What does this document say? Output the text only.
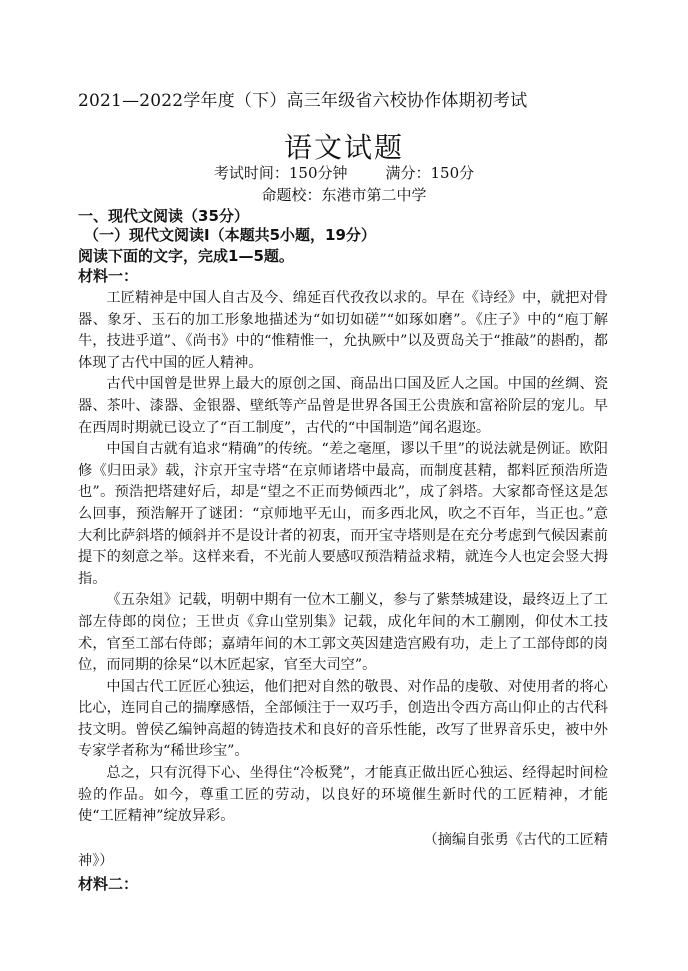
2021—2022学年度（下）高三年级省六校协作体期初考试
语文试题
考试时间：150分钟	满分：150分
命题校：东港市第二中学
一、现代文阅读（35分）
（一）现代文阅读Ⅰ（本题共5小题，19分）
阅读下面的文字，完成1—5题。
材料一：

工匠精神是中国人自古及今、绵延百代孜孜以求的。早在《诗经》中，就把对骨器、象牙、玉石的加工形象地描述为“如切如磋”“如琢如磨”。《庄子》中的“庖丁解牛，技进乎道”、《尚书》中的“惟精惟一，允执厥中”以及贾岛关于“推敲”的斟酌，都体现了古代中国的匠人精神。

古代中国曾是世界上最大的原创之国、商品出口国及匠人之国。中国的丝绸、瓷器、茶叶、漆器、金银器、壁纸等产品曾是世界各国王公贵族和富裕阶层的宠儿。早在西周时期就已设立了“百工制度”，古代的“中国制造”闻名遐迩。

中国自古就有追求“精确”的传统。“差之毫厘，谬以千里”的说法就是例证。欧阳修《归田录》载，汴京开宝寺塔“在京师诸塔中最高，而制度甚精，都料匠预浩所造也”。预浩把塔建好后，却是“望之不正而势倾西北”，成了斜塔。大家都奇怪这是怎么回事，预浩解开了谜团：“京师地平无山，而多西北风，吹之不百年，当正也。”意大利比萨斜塔的倾斜并不是设计者的初衷，而开宝寺塔则是在充分考虑到气候因素前提下的刻意之举。这样来看，不光前人要感叹预浩精益求精，就连今人也定会竖大拇指。

《五杂俎》记载，明朝中期有一位木工蒯义，参与了紫禁城建设，最终迈上了工部左侍郎的岗位；王世贞《弇山堂别集》记载，成化年间的木工蒯刚，仰仗木工技术，官至工部右侍郎；嘉靖年间的木工郭文英因建造宫殿有功，走上了工部侍郎的岗位，而同期的徐杲“以木匠起家，官至大司空”。

中国古代工匠匠心独运，他们把对自然的敬畏、对作品的虔敬、对使用者的将心比心，连同自己的揣摩感悟，全部倾注于一双巧手，创造出令西方高山仰止的古代科技文明。曾侯乙编钟高超的铸造技术和良好的音乐性能，改写了世界音乐史，被中外专家学者称为“稀世珍宝”。

总之，只有沉得下心、坐得住“冷板凳”，才能真正做出匠心独运、经得起时间检验的作品。如今，尊重工匠的劳动，以良好的环境催生新时代的工匠精神，才能使“工匠精神”绽放异彩。

（摘编自张勇《古代的工匠精
神》）
材料二：
